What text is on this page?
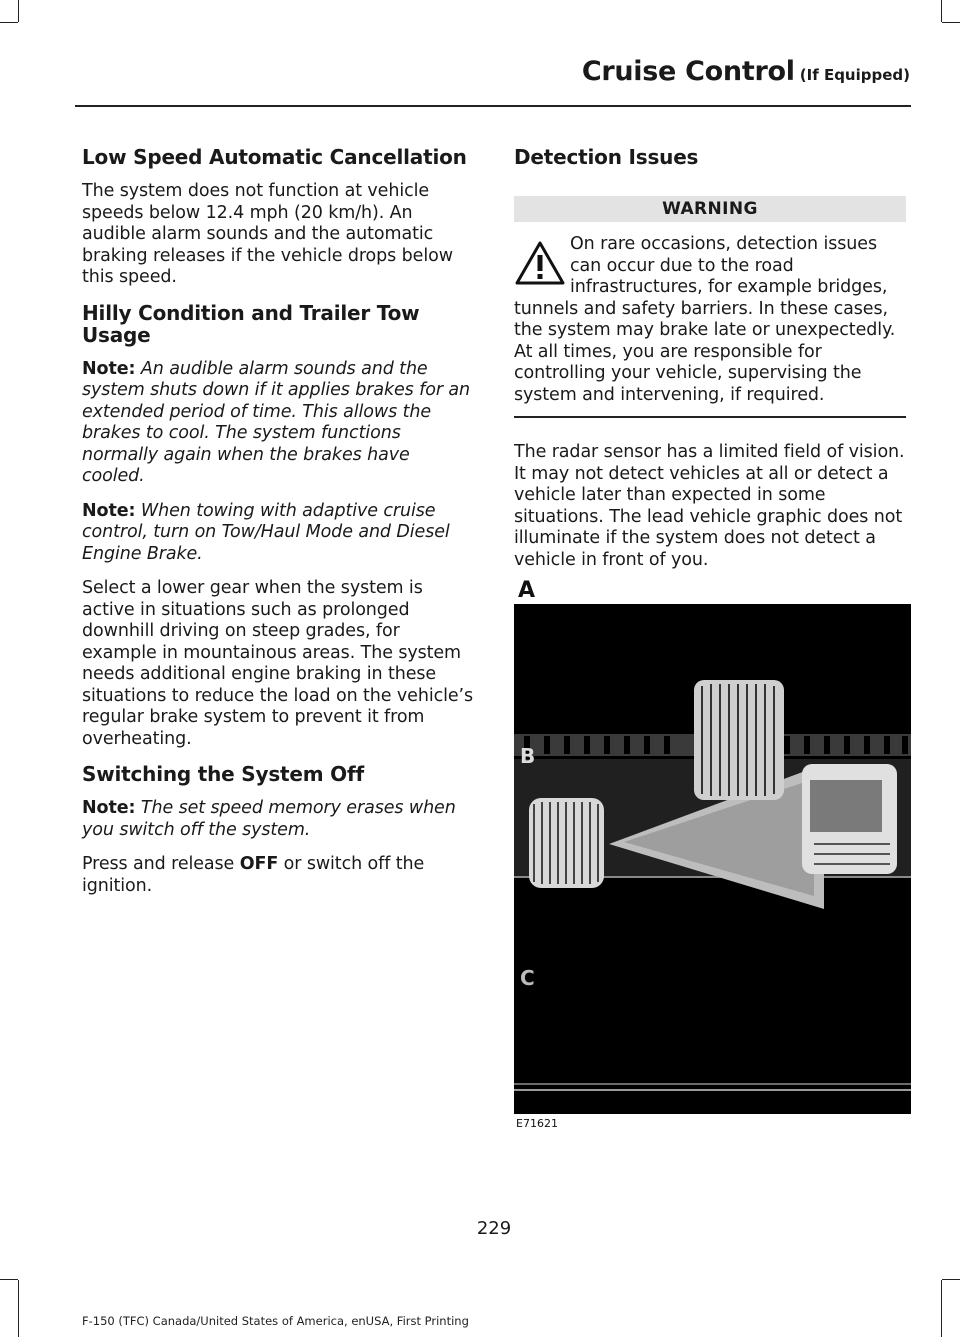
Cruise Control (If Equipped)
Low Speed Automatic Cancellation

The system does not function at vehicle speeds below 12.4 mph (20 km/h). An audible alarm sounds and the automatic braking releases if the vehicle drops below this speed.

Hilly Condition and Trailer Tow Usage

Note: An audible alarm sounds and the system shuts down if it applies brakes for an extended period of time. This allows the brakes to cool. The system functions normally again when the brakes have cooled.

Note: When towing with adaptive cruise control, turn on Tow/Haul Mode and Diesel Engine Brake.

Select a lower gear when the system is active in situations such as prolonged downhill driving on steep grades, for example in mountainous areas. The system needs additional engine braking in these situations to reduce the load on the vehicle’s regular brake system to prevent it from overheating.

Switching the System Off

Note: The set speed memory erases when you switch off the system.

Press and release OFF or switch off the ignition.

Detection Issues
WARNING
On rare occasions, detection issues can occur due to the road infrastructures, for example bridges, tunnels and safety barriers. In these cases, the system may brake late or unexpectedly. At all times, you are responsible for controlling your vehicle, supervising the system and intervening, if required.

The radar sensor has a limited field of vision. It may not detect vehicles at all or detect a vehicle later than expected in some situations. The lead vehicle graphic does not illuminate if the system does not detect a vehicle in front of you.

A
B
C
E71621
229
F-150 (TFC) Canada/United States of America, enUSA, First Printing
